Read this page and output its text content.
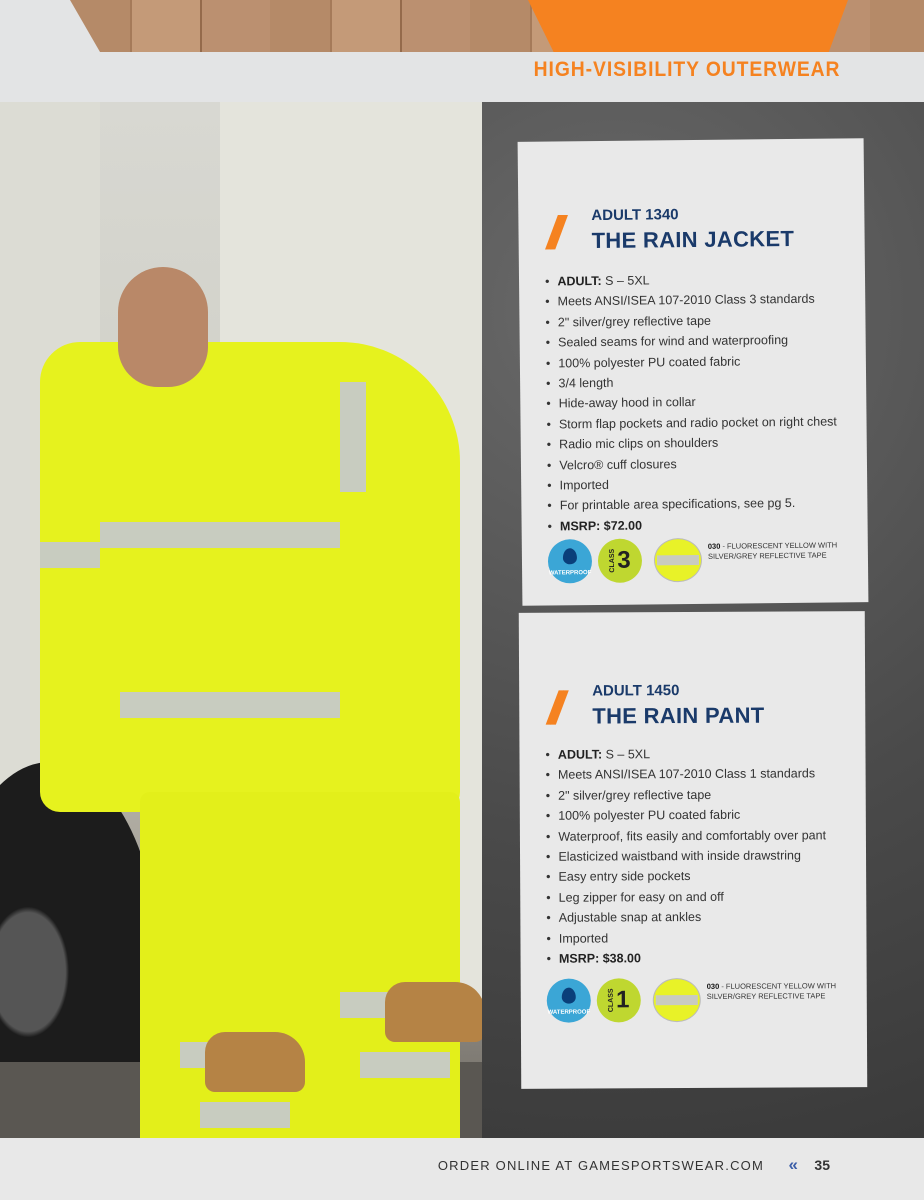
HIGH-VISIBILITY OUTERWEAR
// ADULT 1340
THE RAIN JACKET
• ADULT: S – 5XL
• Meets ANSI/ISEA 107-2010 Class 3 standards
• 2" silver/grey reflective tape
• Sealed seams for wind and waterproofing
• 100% polyester PU coated fabric
• 3/4 length
• Hide-away hood in collar
• Storm flap pockets and radio pocket on right chest
• Radio mic clips on shoulders
• Velcro® cuff closures
• Imported
• For printable area specifications, see pg 5.
• MSRP: $72.00
WATERPROOF
CLASS 3
030 - FLUORESCENT YELLOW WITH
SILVER/GREY REFLECTIVE TAPE
// ADULT 1450
THE RAIN PANT
• ADULT: S – 5XL
• Meets ANSI/ISEA 107-2010 Class 1 standards
• 2" silver/grey reflective tape
• 100% polyester PU coated fabric
• Waterproof, fits easily and comfortably over pant
• Elasticized waistband with inside drawstring
• Easy entry side pockets
• Leg zipper for easy on and off
• Adjustable snap at ankles
• Imported
• MSRP: $38.00
WATERPROOF
CLASS 1	030 - FLUORESCENT YELLOW WITH
SILVER/GREY REFLECTIVE TAPE
ORDER ONLINE AT GAMESPORTSWEAR.COM « 35
